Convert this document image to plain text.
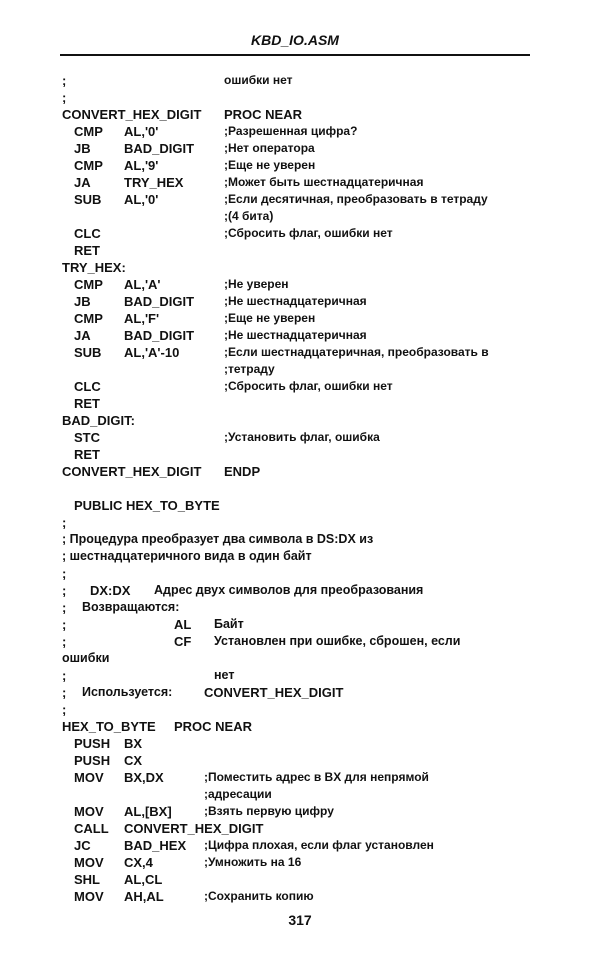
KBD_IO.ASM
;	ошибки нет
;
CONVERT_HEX_DIGIT PROC NEAR
CMP AL,'0'	;Разрешенная цифра?
JB	BAD_DIGIT ;Нет оператора
CMP AL,'9'	;Еще не уверен
JA	TRY_HEX	;Может быть шестнадцатеричная
SUB AL,'0'	;Если десятичная, преобразовать в тетраду
;(4 бита)
CLC	;Сбросить флаг, ошибки нет
RET
TRY_HEX:
CMP AL,'A'	;Не уверен
JB	BAD_DIGIT ;Не шестнадцатеричная
CMP AL,'F'	;Еще не уверен
JA	BAD_DIGIT ;Не шестнадцатеричная
SUB AL,'A'-10	;Если шестнадцатеричная, преобразовать в
;тетраду
CLC	;Сбросить флаг, ошибки нет
RET
BAD_DIGIT:
STC	;Установить флаг, ошибка
RET
CONVERT_HEX_DIGIT ENDP
PUBLIC HEX_TO_BYTE
;
; Процедура преобразует два символа в DS:DX из
; шестнадцатеричного вида в один байт
;
; DX:DX Адрес двух символов для преобразования
; Возвращаются:
;	AL Байт
;	CF Установлен при ошибке, сброшен, если
ошибки
;	нет
; Используется: CONVERT_HEX_DIGIT
;
HEX_TO_BYTE PROC NEAR
PUSH BX
PUSH CX
MOV BX,DX	;Поместить адрес в BX для непрямой
;адресации
MOV AL,[BX]	;Взять первую цифру
CALL CONVERT_HEX_DIGIT
JC	BAD_HEX ;Цифра плохая, если флаг установлен
MOV CX,4	;Умножить на 16
SHL AL,CL
MOV AH,AL	;Сохранить копию
317
